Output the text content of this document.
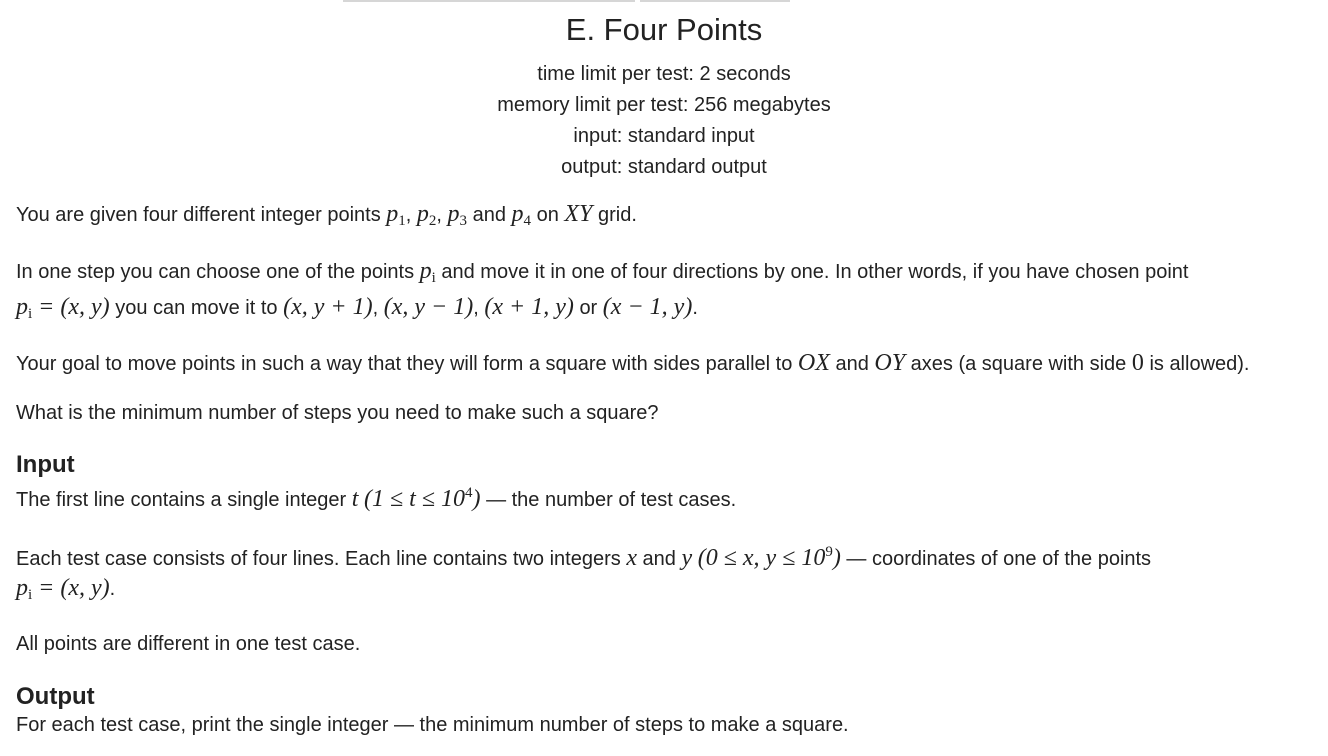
E. Four Points
time limit per test: 2 seconds
memory limit per test: 256 megabytes
input: standard input
output: standard output

You are given four different integer points $p_1$, $p_2$, $p_3$ and $p_4$ on XY grid.

In one step you can choose one of the points $p_i$ and move it in one of four directions by one. In other words, if you have chosen point
$p_i = (x$, y) you can move it to (x, y + 1), (x, y − 1), (x + 1, y) or (x − 1, y).

Your goal to move points in such a way that they will form a square with sides parallel to OX and OY axes (a square with side 0 is allowed).

What is the minimum number of steps you need to make such a square?

Input

The first line contains a single integer t $(1 \le t \le 10^4)$ — the number of test cases.

Each test case consists of four lines. Each line contains two integers x and y (0 ≤ x, $y \le 10^9$) — coordinates of one of the points
$p_i = (x$, y).

All points are different in one test case.

Output

For each test case, print the single integer — the minimum number of steps to make a square.
